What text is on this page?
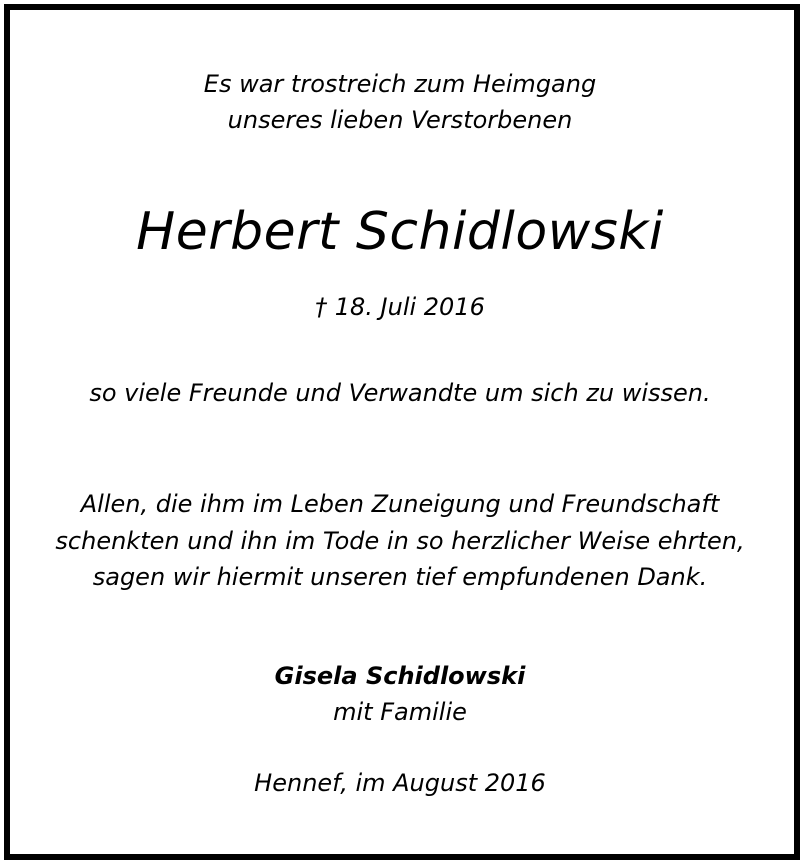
Es war trostreich zum Heimgang
unseres lieben Verstorbenen
Herbert Schidlowski
† 18. Juli 2016
so viele Freunde und Verwandte um sich zu wissen.
Allen, die ihm im Leben Zuneigung und Freundschaft
schenkten und ihn im Tode in so herzlicher Weise ehrten,
sagen wir hiermit unseren tief empfundenen Dank.
Gisela Schidlowski
mit Familie
Hennef, im August 2016
